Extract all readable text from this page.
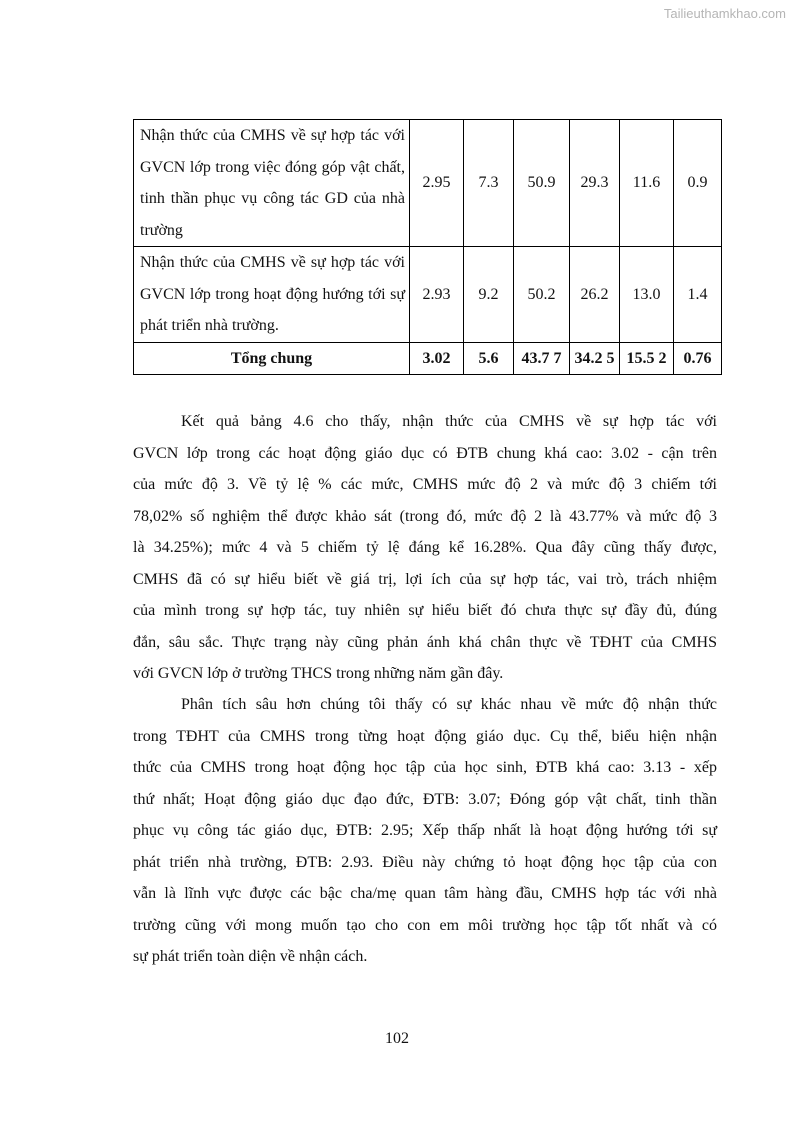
Tailieuthamkhao.com
Nhận thức của CMHS về sự hợp tác với GVCN lớp trong việc đóng góp vật chất, tinh thần phục vụ công tác GD của nhà trường	2.95	7.3	50.9	29.3	11.6	0.9
Nhận thức của CMHS về sự hợp tác với GVCN lớp trong hoạt động hướng tới sự phát triển nhà trường.	2.93	9.2	50.2	26.2	13.0	1.4
Tổng chung	3.02	5.6	43.7 7	34.2 5	15.5 2	0.76
Kết quả bảng 4.6 cho thấy, nhận thức của CMHS về sự hợp tác với
GVCN lớp trong các hoạt động giáo dục có ĐTB chung khá cao: 3.02 - cận trên
của mức độ 3. Về tỷ lệ % các mức, CMHS mức độ 2 và mức độ 3 chiếm tới
78,02% số nghiệm thể được khảo sát (trong đó, mức độ 2 là 43.77% và mức độ 3
là 34.25%); mức 4 và 5 chiếm tỷ lệ đáng kể 16.28%. Qua đây cũng thấy được,
CMHS đã có sự hiểu biết về giá trị, lợi ích của sự hợp tác, vai trò, trách nhiệm
của mình trong sự hợp tác, tuy nhiên sự hiểu biết đó chưa thực sự đầy đủ, đúng
đắn, sâu sắc. Thực trạng này cũng phản ánh khá chân thực về TĐHT của CMHS
với GVCN lớp ở trường THCS trong những năm gần đây.
Phân tích sâu hơn chúng tôi thấy có sự khác nhau về mức độ nhận thức
trong TĐHT của CMHS trong từng hoạt động giáo dục. Cụ thể, biểu hiện nhận
thức của CMHS trong hoạt động học tập của học sinh, ĐTB khá cao: 3.13 - xếp
thứ nhất; Hoạt động giáo dục đạo đức, ĐTB: 3.07; Đóng góp vật chất, tinh thần
phục vụ công tác giáo dục, ĐTB: 2.95; Xếp thấp nhất là hoạt động hướng tới sự
phát triển nhà trường, ĐTB: 2.93. Điều này chứng tỏ hoạt động học tập của con
vẫn là lĩnh vực được các bậc cha/mẹ quan tâm hàng đầu, CMHS hợp tác với nhà
trường cũng với mong muốn tạo cho con em môi trường học tập tốt nhất và có
sự phát triển toàn diện về nhận cách.
102
